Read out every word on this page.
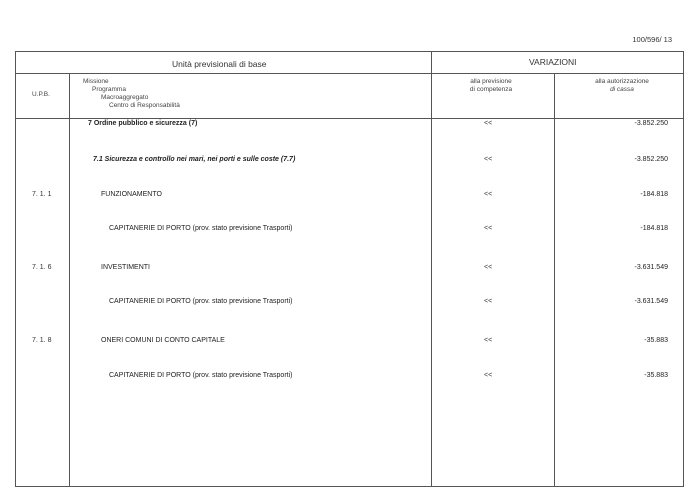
100/596/ 13
Unità previsionali di base	VARIAZIONI
U.P.B.
Missione
Programma
Macroaggregato
Centro di Responsabilità
alla previsione
di competenza
alla autorizzazione
di cassa
7 Ordine pubblico e sicurezza (7)	<<	-3.852.250
7.1 Sicurezza e controllo nei mari, nei porti e sulle coste (7.7)	<<	-3.852.250
7. 1. 1	FUNZIONAMENTO	<<	-184.818
CAPITANERIE DI PORTO (prov. stato previsione Trasporti)	<<	-184.818
7. 1. 6	INVESTIMENTI	<<	-3.631.549
CAPITANERIE DI PORTO (prov. stato previsione Trasporti)	<<	-3.631.549
7. 1. 8	ONERI COMUNI DI CONTO CAPITALE	<<	-35.883
CAPITANERIE DI PORTO (prov. stato previsione Trasporti)	<<	-35.883
